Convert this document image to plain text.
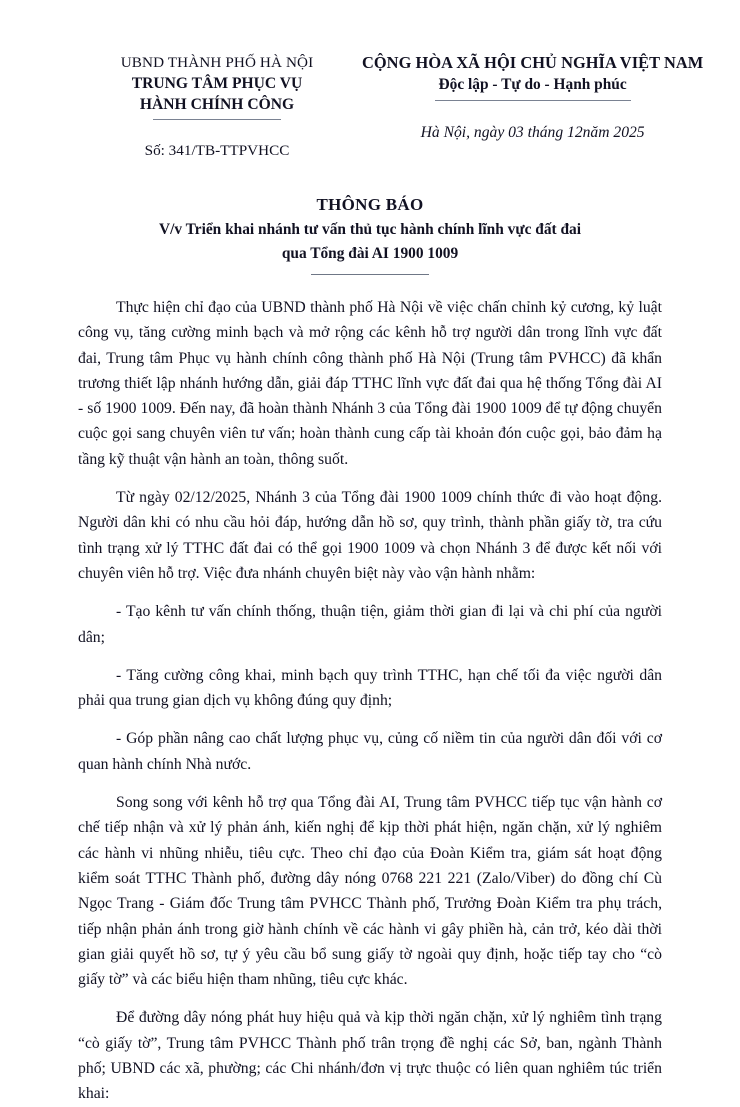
UBND THÀNH PHỐ HÀ NỘI
TRUNG TÂM PHỤC VỤ
HÀNH CHÍNH CÔNG
Số: 341/TB-TTPVHCC
CỘNG HÒA XÃ HỘI CHỦ NGHĨA VIỆT NAM
Độc lập - Tự do - Hạnh phúc
Hà Nội, ngày 03 tháng 12năm 2025
THÔNG BÁO
V/v Triển khai nhánh tư vấn thủ tục hành chính lĩnh vực đất đai
qua Tổng đài AI 1900 1009

Thực hiện chỉ đạo của UBND thành phố Hà Nội về việc chấn chỉnh kỷ cương, kỷ luật công vụ, tăng cường minh bạch và mở rộng các kênh hỗ trợ người dân trong lĩnh vực đất đai, Trung tâm Phục vụ hành chính công thành phố Hà Nội (Trung tâm PVHCC) đã khẩn trương thiết lập nhánh hướng dẫn, giải đáp TTHC lĩnh vực đất đai qua hệ thống Tổng đài AI - số 1900 1009. Đến nay, đã hoàn thành Nhánh 3 của Tổng đài 1900 1009 để tự động chuyển cuộc gọi sang chuyên viên tư vấn; hoàn thành cung cấp tài khoản đón cuộc gọi, bảo đảm hạ tầng kỹ thuật vận hành an toàn, thông suốt.

Từ ngày 02/12/2025, Nhánh 3 của Tổng đài 1900 1009 chính thức đi vào hoạt động. Người dân khi có nhu cầu hỏi đáp, hướng dẫn hồ sơ, quy trình, thành phần giấy tờ, tra cứu tình trạng xử lý TTHC đất đai có thể gọi 1900 1009 và chọn Nhánh 3 để được kết nối với chuyên viên hỗ trợ. Việc đưa nhánh chuyên biệt này vào vận hành nhằm:

- Tạo kênh tư vấn chính thống, thuận tiện, giảm thời gian đi lại và chi phí của người dân;

- Tăng cường công khai, minh bạch quy trình TTHC, hạn chế tối đa việc người dân phải qua trung gian dịch vụ không đúng quy định;

- Góp phần nâng cao chất lượng phục vụ, củng cố niềm tin của người dân đối với cơ quan hành chính Nhà nước.

Song song với kênh hỗ trợ qua Tổng đài AI, Trung tâm PVHCC tiếp tục vận hành cơ chế tiếp nhận và xử lý phản ánh, kiến nghị để kịp thời phát hiện, ngăn chặn, xử lý nghiêm các hành vi nhũng nhiễu, tiêu cực. Theo chỉ đạo của Đoàn Kiểm tra, giám sát hoạt động kiểm soát TTHC Thành phố, đường dây nóng 0768 221 221 (Zalo/Viber) do đồng chí Cù Ngọc Trang - Giám đốc Trung tâm PVHCC Thành phố, Trưởng Đoàn Kiểm tra phụ trách, tiếp nhận phản ánh trong giờ hành chính về các hành vi gây phiền hà, cản trở, kéo dài thời gian giải quyết hồ sơ, tự ý yêu cầu bổ sung giấy tờ ngoài quy định, hoặc tiếp tay cho “cò giấy tờ” và các biểu hiện tham nhũng, tiêu cực khác.

Để đường dây nóng phát huy hiệu quả và kịp thời ngăn chặn, xử lý nghiêm tình trạng “cò giấy tờ”, Trung tâm PVHCC Thành phố trân trọng đề nghị các Sở, ban, ngành Thành phố; UBND các xã, phường; các Chi nhánh/đơn vị trực thuộc có liên quan nghiêm túc triển khai:
